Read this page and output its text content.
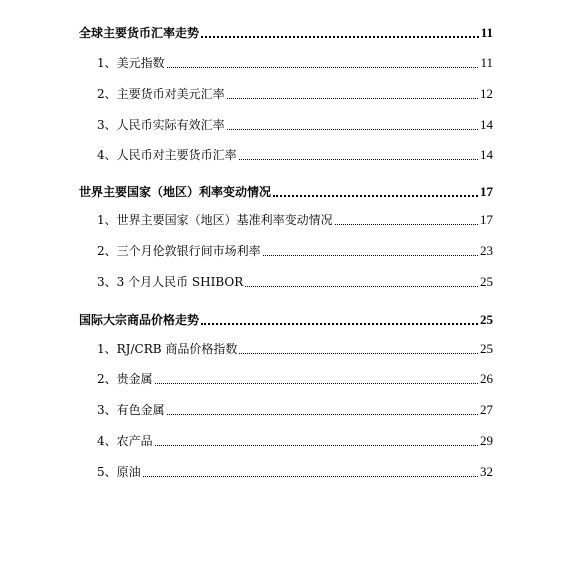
全球主要货币汇率走势	11
1、美元指数	11
2、主要货币对美元汇率	12
3、人民币实际有效汇率	14
4、人民币对主要货币汇率	14
世界主要国家（地区）利率变动情况	17
1、世界主要国家（地区）基准利率变动情况	17
2、三个月伦敦银行间市场利率	23
3、3 个月人民币 SHIBOR	25
国际大宗商品价格走势	25
1、RJ/CRB 商品价格指数	25
2、贵金属	26
3、有色金属	27
4、农产品	29
5、原油	32
